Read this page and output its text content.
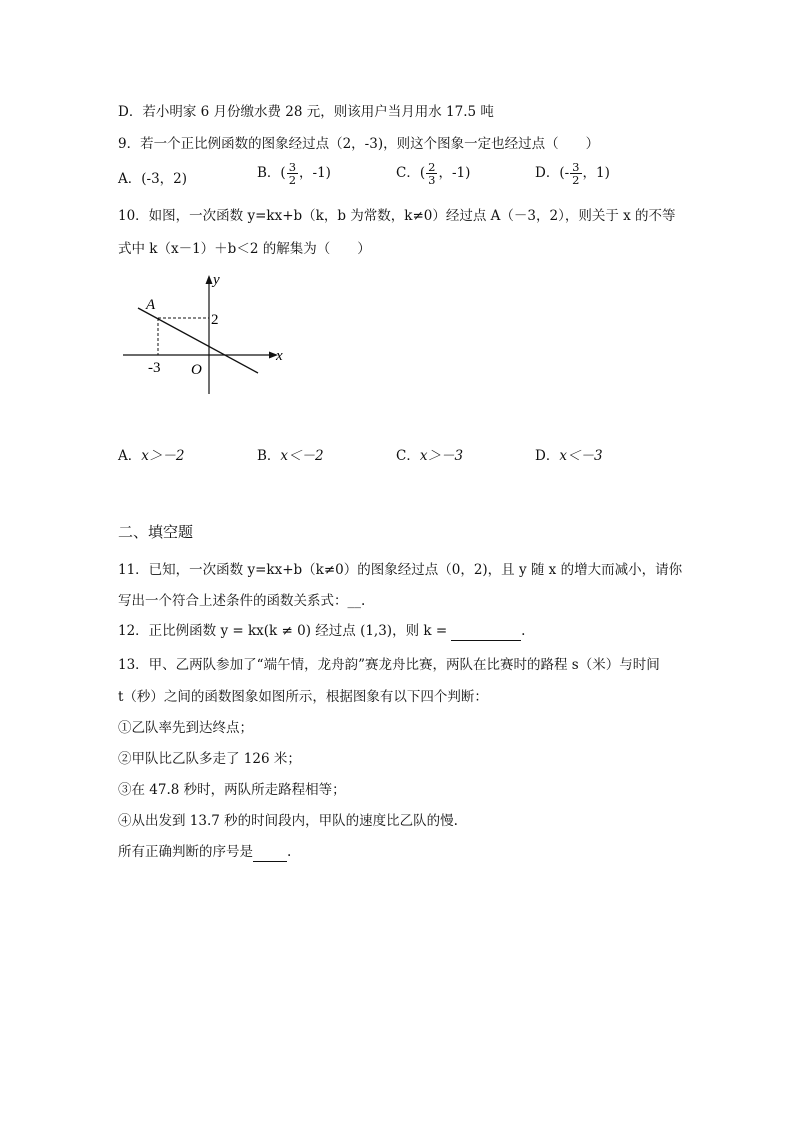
D．若小明家 6 月份缴水费 28 元，则该用户当月用水 17.5 吨
9．若一个正比例函数的图象经过点（2，-3)，则这个图象一定也经过点（　　）
A．(-3，2)	B．( $\frac{3}{2}$ ，-1)	C．( $\frac{2}{3}$ ，-1)	D．(- $\frac{3}{2}$ ，1)
10．如图，一次函数 y=kx+b（k，b 为常数，k≠0）经过点 A（－3，2），则关于 x 的不等
式中 k（x－1）＋b＜2 的解集为（　　）
y
x
A
2
-3 O
A．x＞－2	B．x＜－2	C．x＞－3	D．x＜－3
二、填空题
11．已知，一次函数 y=kx+b（k≠0）的图象经过点（0，2)，且 y 随 x 的增大而减小，请你
写出一个符合上述条件的函数关系式：__.
12．正比例函数 y = kx(k ≠ 0) 经过点 (1,3)，则 k =	.
13．甲、乙两队参加了“端午情，龙舟韵”赛龙舟比赛，两队在比赛时的路程 s（米）与时间
t（秒）之间的函数图象如图所示，根据图象有以下四个判断：
①乙队率先到达终点；
②甲队比乙队多走了 126 米；
③在 47.8 秒时，两队所走路程相等；
④从出发到 13.7 秒的时间段内，甲队的速度比乙队的慢.
所有正确判断的序号是	.
